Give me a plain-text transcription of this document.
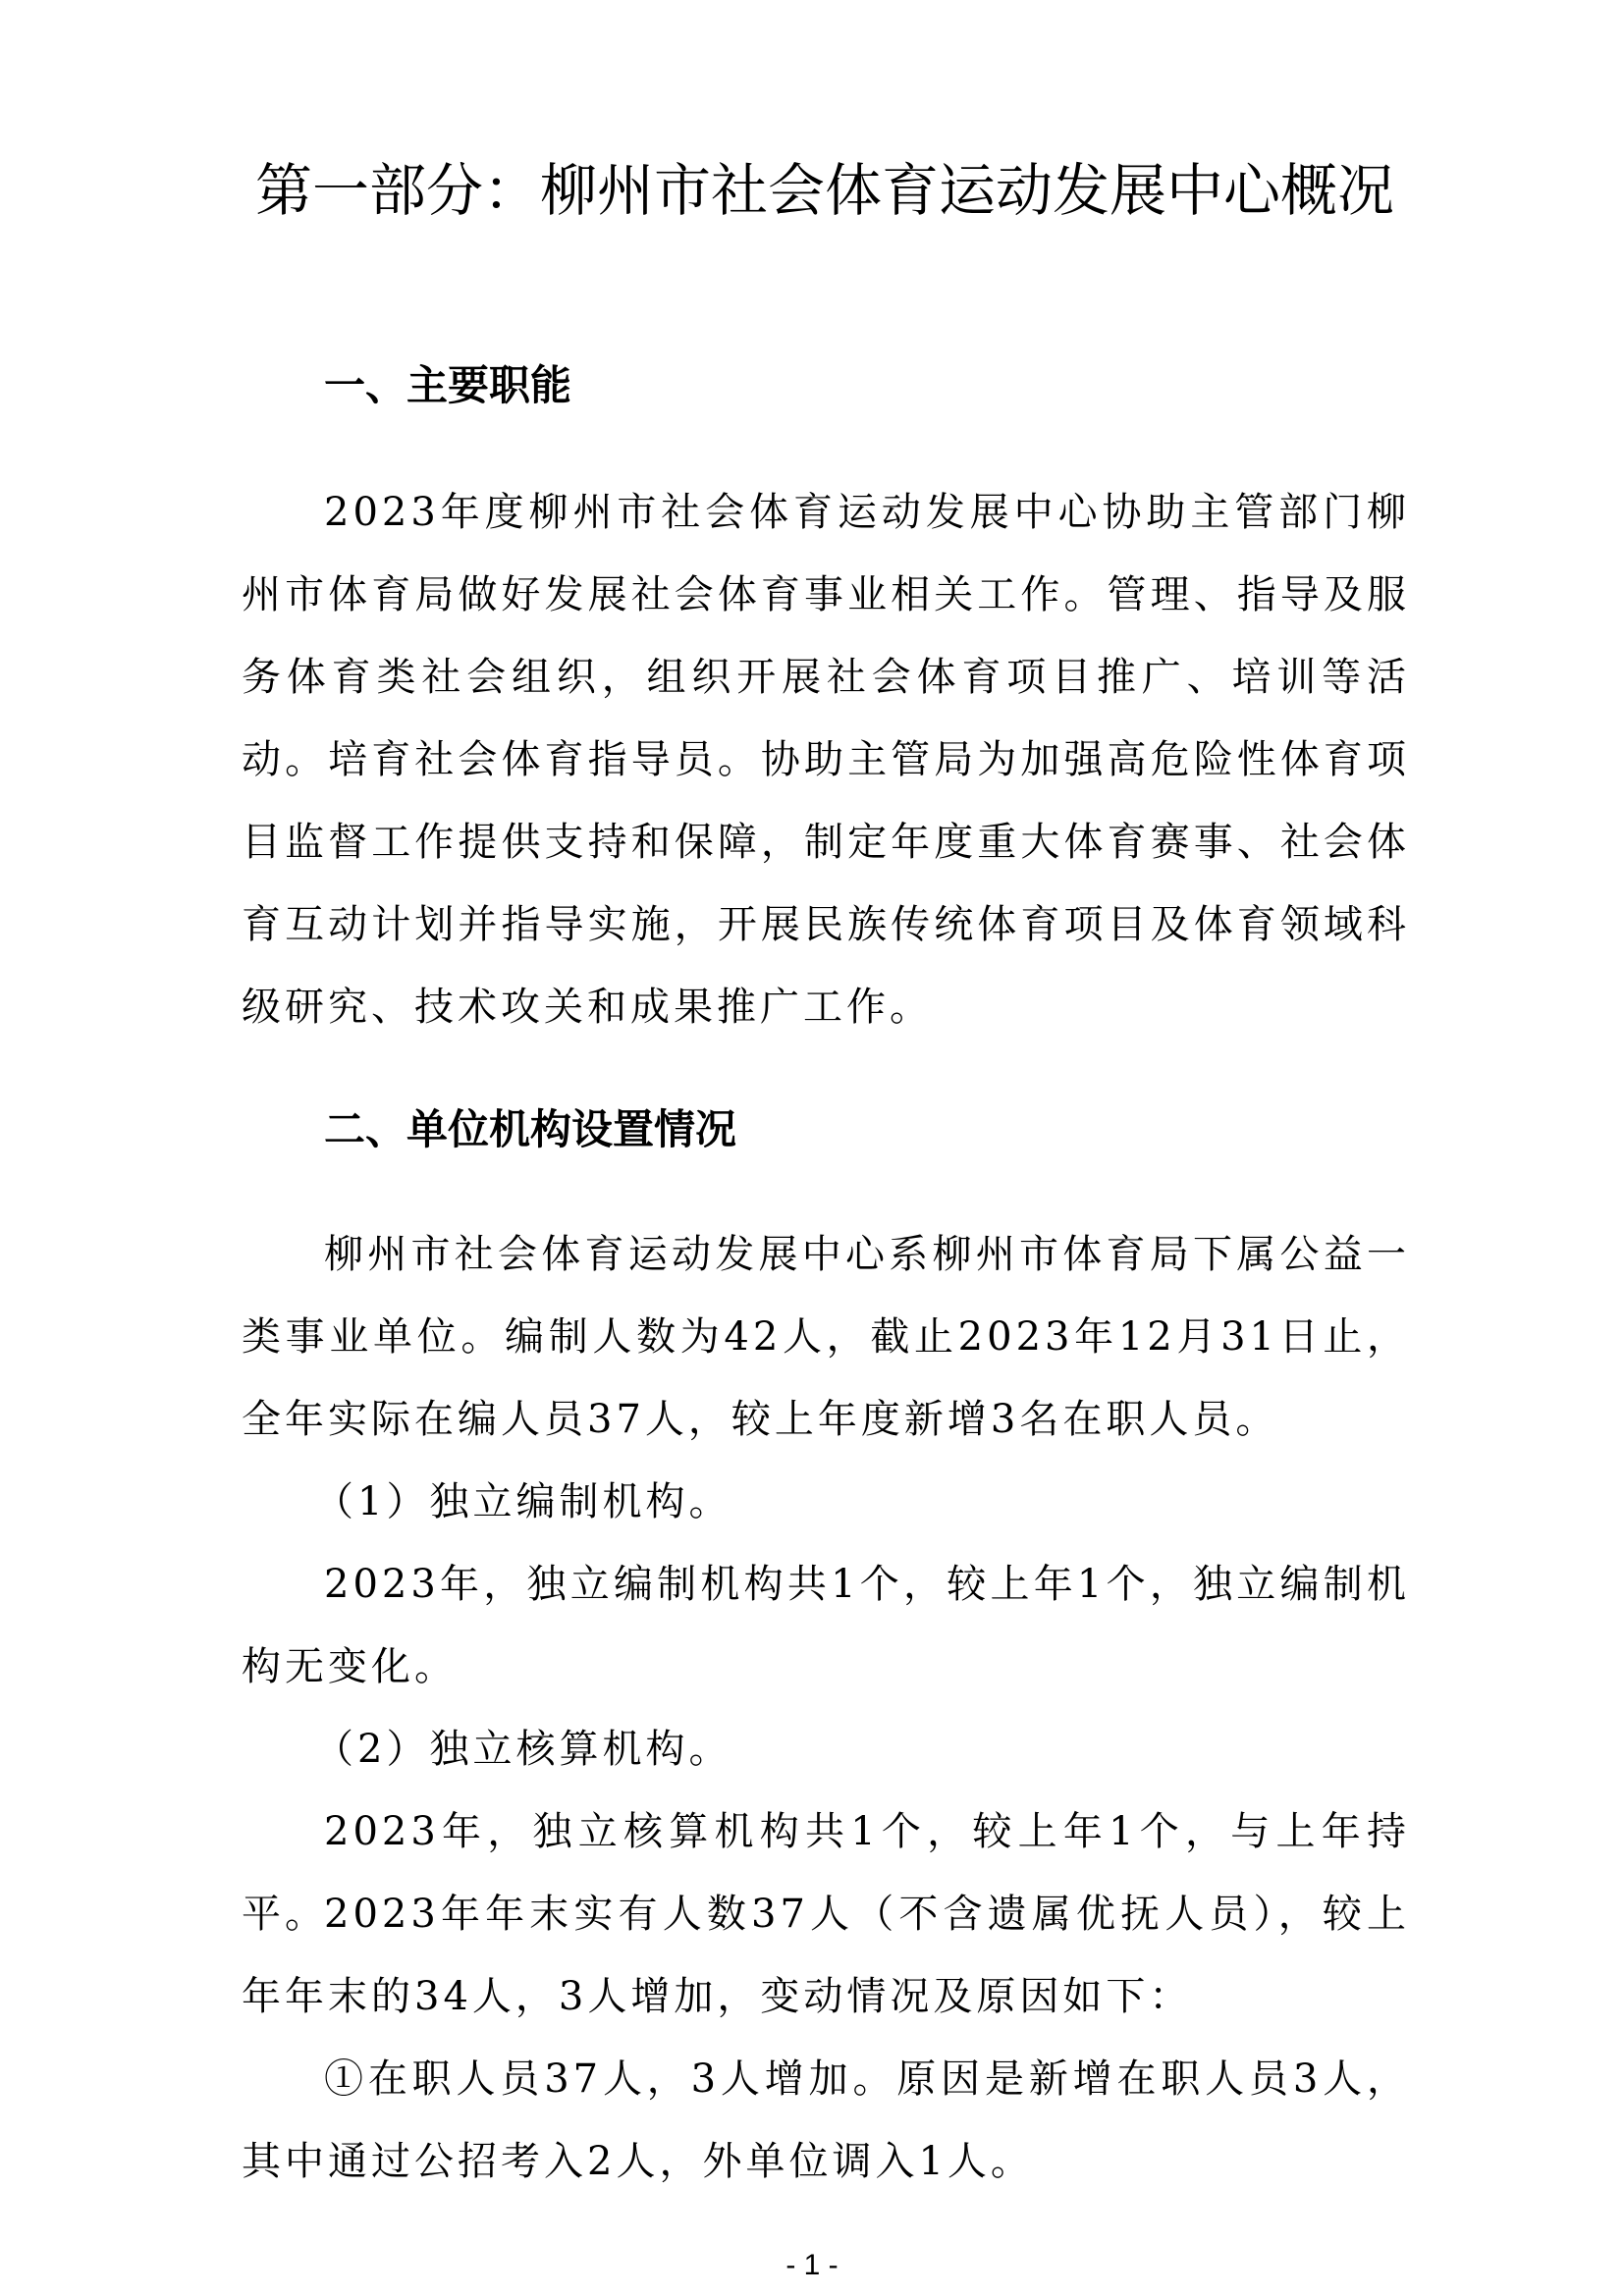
第一部分：柳州市社会体育运动发展中心概况
一、主要职能

2023年度柳州市社会体育运动发展中心协助主管部门柳州市体育局做好发展社会体育事业相关工作。管理、指导及服务体育类社会组织，组织开展社会体育项目推广、培训等活动。培育社会体育指导员。协助主管局为加强高危险性体育项目监督工作提供支持和保障，制定年度重大体育赛事、社会体育互动计划并指导实施，开展民族传统体育项目及体育领域科级研究、技术攻关和成果推广工作。

二、单位机构设置情况

柳州市社会体育运动发展中心系柳州市体育局下属公益一类事业单位。编制人数为42人，截止2023年12月31日止，全年实际在编人员37人，较上年度新增3名在职人员。

（1）独立编制机构。

2023年，独立编制机构共1个，较上年1个，独立编制机构无变化。

（2）独立核算机构。

2023年，独立核算机构共1个，较上年1个，与上年持平。

2023年年末实有人数37人（不含遗属优抚人员），较上年年末的34人，3人增加，变动情况及原因如下：

①在职人员37人，3人增加。原因是新增在职人员3人，其中通过公招考入2人，外单位调入1人。

- 1 -
